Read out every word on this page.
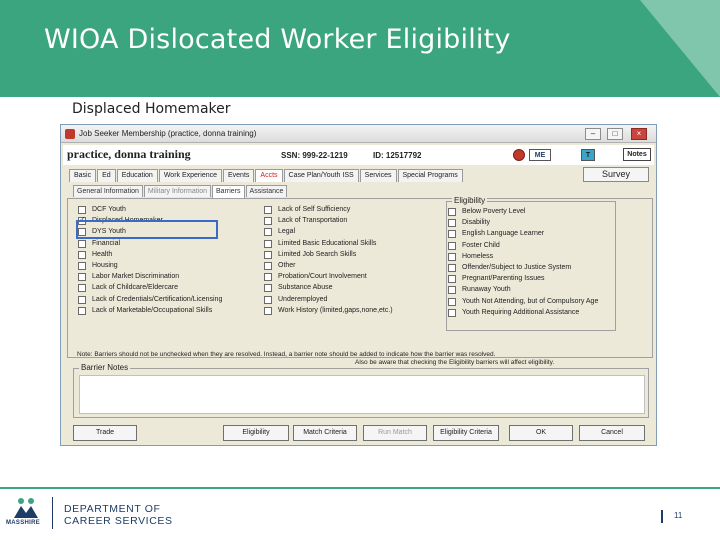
WIOA Dislocated Worker Eligibility
Displaced Homemaker
Job Seeker Membership (practice, donna training)	–	□	×
practice, donna training	SSN: 999-22-1219	ID: 12517792	ME	T	Notes
Basic	Ed	Education	Work Experience	Events	Accts	Case Plan/Youth ISS	Services	Special Programs	Survey
General Information	Military Information	Barriers	Assistance
DCF Youth
✓
Displaced Homemaker
DYS Youth
Financial
Health
Housing
Labor Market Discrimination
Lack of Childcare/Eldercare
Lack of Credentials/Certification/Licensing
Lack of Marketable/Occupational Skills
Lack of Self Sufficiency
Lack of Transportation
Legal
Limited Basic Educational Skills
Limited Job Search Skills
Other
Probation/Court Involvement
Substance Abuse
Underemployed
Work History (limited,gaps,none,etc.)
Eligibility
Below Poverty Level
Disability
English Language Learner
Foster Child
Homeless
Offender/Subject to Justice System
Pregnant/Parenting Issues
Runaway Youth
Youth Not Attending, but of Compulsory Age
Youth Requiring Additional Assistance
Note: Barriers should not be unchecked when they are resolved. Instead, a barrier note should be added to indicate how the barrier was resolved.
Also be aware that checking the Eligibility barriers will affect eligibility.
Barrier Notes
Trade	Eligibility	Match Criteria	Run Match	Eligibility Criteria	OK	Cancel
MASSHIRE
DEPARTMENT OF
CAREER SERVICES	11
